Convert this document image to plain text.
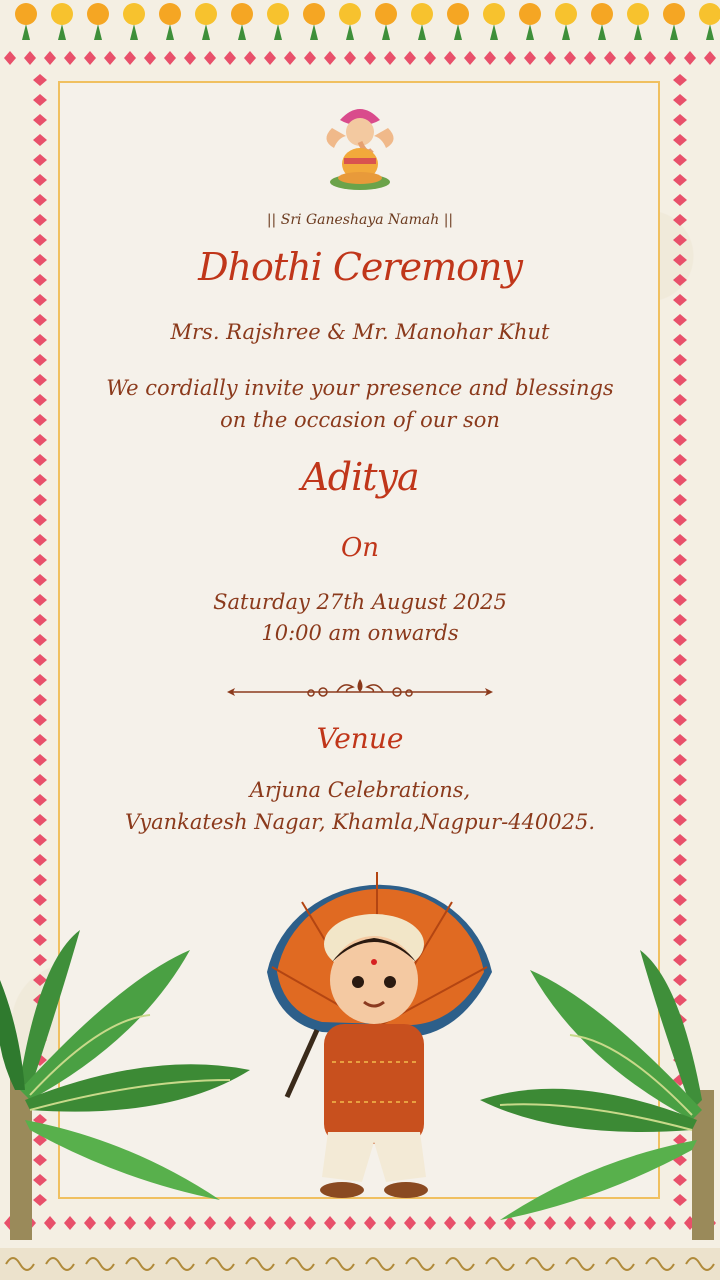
|| Sri Ganeshaya Namah ||
Dhothi Ceremony
Mrs. Rajshree & Mr. Manohar Khut
We cordially invite your presence and blessings
on the occasion of our son
Aditya
On
Saturday 27th August 2025
10:00 am onwards
Venue
Arjuna Celebrations,
Vyankatesh Nagar, Khamla,Nagpur-440025.
